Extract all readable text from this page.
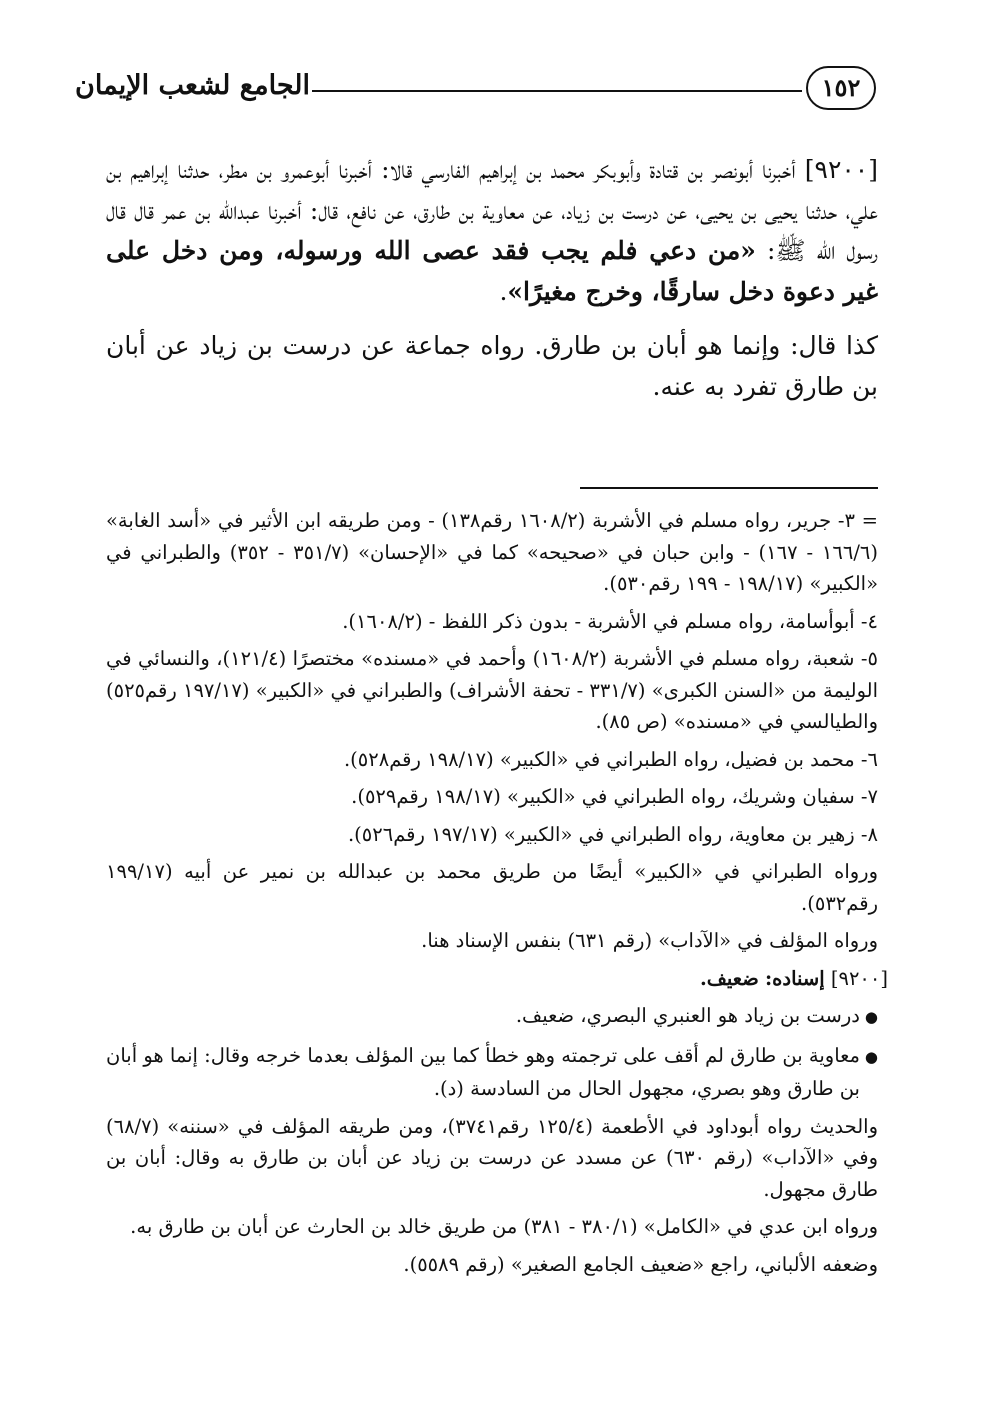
الجامع لشعب الإيمان	١٥٢

[٩٢٠٠] أخبرنا أبونصر بن قتادة وأبوبكر محمد بن إبراهيم الفارسي قالا: أخبرنا أبوعمرو بن مطر، حدثنا إبراهيم بن علي، حدثنا يحيى بن يحيى، عن درست بن زياد، عن معاوية بن طارق، عن نافع، قال: أخبرنا عبدالله بن عمر قال قال رسول الله ﷺ: «من دعي فلم يجب فقد عصى الله ورسوله، ومن دخل على غير دعوة دخل سارقًا، وخرج مغيرًا».

كذا قال: وإنما هو أبان بن طارق. رواه جماعة عن درست بن زياد عن أبان بن طارق تفرد به عنه.

= ٣- جرير، رواه مسلم في الأشربة (١٦٠٨/٢ رقم١٣٨) - ومن طريقه ابن الأثير في «أسد الغابة» (١٦٦/٦ - ١٦٧) - وابن حبان في «صحيحه» كما في «الإحسان» (٣٥١/٧ - ٣٥٢) والطبراني في «الكبير» (١٩٨/١٧ - ١٩٩ رقم٥٣٠).

٤- أبوأسامة، رواه مسلم في الأشربة - بدون ذكر اللفظ - (١٦٠٨/٢).

٥- شعبة، رواه مسلم في الأشربة (١٦٠٨/٢) وأحمد في «مسنده» مختصرًا (١٢١/٤)، والنسائي في الوليمة من «السنن الكبرى» (٣٣١/٧ - تحفة الأشراف) والطبراني في «الكبير» (١٩٧/١٧ رقم٥٢٥) والطيالسي في «مسنده» (ص ٨٥).

٦- محمد بن فضيل، رواه الطبراني في «الكبير» (١٩٨/١٧ رقم٥٢٨).

٧- سفيان وشريك، رواه الطبراني في «الكبير» (١٩٨/١٧ رقم٥٢٩).

٨- زهير بن معاوية، رواه الطبراني في «الكبير» (١٩٧/١٧ رقم٥٢٦).

ورواه الطبراني في «الكبير» أيضًا من طريق محمد بن عبدالله بن نمير عن أبيه (١٩٩/١٧ رقم٥٣٢).

ورواه المؤلف في «الآداب» (رقم ٦٣١) بنفس الإسناد هنا.

[٩٢٠٠] إسناده: ضعيف.

● درست بن زياد هو العنبري البصري، ضعيف.

● معاوية بن طارق لم أقف على ترجمته وهو خطأ كما بين المؤلف بعدما خرجه وقال: إنما هو أبان بن طارق وهو بصري، مجهول الحال من السادسة (د).

والحديث رواه أبوداود في الأطعمة (١٢٥/٤ رقم٣٧٤١)، ومن طريقه المؤلف في «سننه» (٦٨/٧) وفي «الآداب» (رقم ٦٣٠) عن مسدد عن درست بن زياد عن أبان بن طارق به وقال: أبان بن طارق مجهول.

ورواه ابن عدي في «الكامل» (٣٨٠/١ - ٣٨١) من طريق خالد بن الحارث عن أبان بن طارق به.

وضعفه الألباني، راجع «ضعيف الجامع الصغير» (رقم ٥٥٨٩).
